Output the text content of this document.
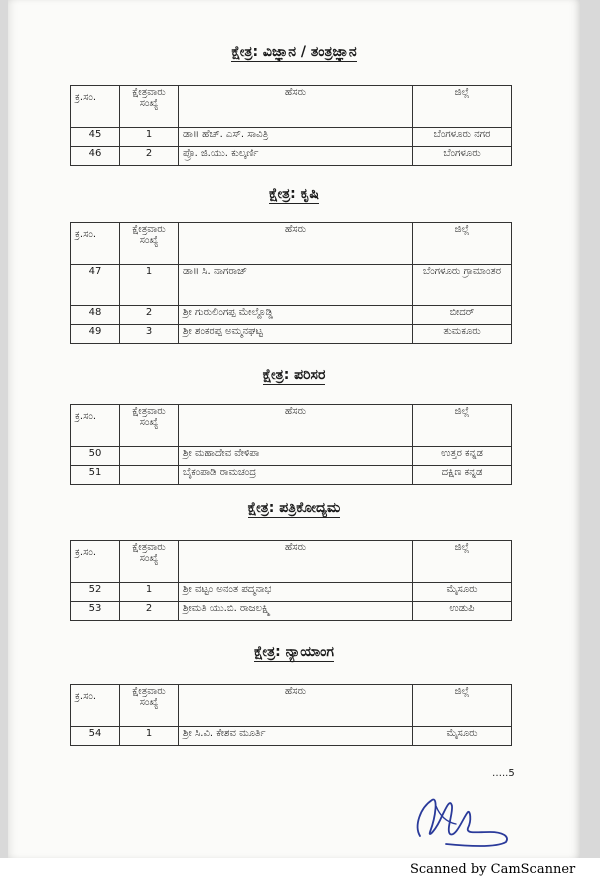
ಕ್ಷೇತ್ರ: ವಿಜ್ಞಾನ / ತಂತ್ರಜ್ಞಾನ
ಕ್ರ.ಸಂ.	ಕ್ಷೇತ್ರವಾರು ಸಂಖ್ಯೆ	ಹೆಸರು	ಜಿಲ್ಲೆ
45	1	ಡಾ॥ ಹೆಚ್. ಎಸ್. ಸಾವಿತ್ರಿ	ಬೆಂಗಳೂರು ನಗರ
46	2	ಪ್ರೊ. ಜಿ.ಯು. ಕುಲ್ಕರ್ಣಿ	ಬೆಂಗಳೂರು
ಕ್ಷೇತ್ರ: ಕೃಷಿ
ಕ್ರ.ಸಂ.	ಕ್ಷೇತ್ರವಾರು ಸಂಖ್ಯೆ	ಹೆಸರು	ಜಿಲ್ಲೆ
47	1	ಡಾ॥ ಸಿ. ನಾಗರಾಜ್	ಬೆಂಗಳೂರು ಗ್ರಾಮಾಂತರ
48	2	ಶ್ರೀ ಗುರುಲಿಂಗಪ್ಪ ಮೇಲ್ದೊಡ್ಡಿ	ಬೀದರ್
49	3	ಶ್ರೀ ಶಂಕರಪ್ಪ ಅಮ್ಮನಘಟ್ಟ	ತುಮಕೂರು
ಕ್ಷೇತ್ರ: ಪರಿಸರ
ಕ್ರ.ಸಂ.	ಕ್ಷೇತ್ರವಾರು ಸಂಖ್ಯೆ	ಹೆಸರು	ಜಿಲ್ಲೆ
50		ಶ್ರೀ ಮಹಾದೇವ ವೇಳಿಪಾ	ಉತ್ತರ ಕನ್ನಡ
51		ಬೈಕಂಪಾಡಿ ರಾಮಚಂದ್ರ	ದಕ್ಷಿಣ ಕನ್ನಡ
ಕ್ಷೇತ್ರ: ಪತ್ರಿಕೋದ್ಯಮ
ಕ್ರ.ಸಂ.	ಕ್ಷೇತ್ರವಾರು ಸಂಖ್ಯೆ	ಹೆಸರು	ಜಿಲ್ಲೆ
52	1	ಶ್ರೀ ವಟ್ಟಂ ಅನಂತ ಪದ್ಮನಾಭ	ಮೈಸೂರು
53	2	ಶ್ರೀಮತಿ ಯು.ಬಿ. ರಾಜಲಕ್ಷ್ಮಿ	ಉಡುಪಿ
ಕ್ಷೇತ್ರ: ನ್ಯಾಯಾಂಗ
ಕ್ರ.ಸಂ.	ಕ್ಷೇತ್ರವಾರು ಸಂಖ್ಯೆ	ಹೆಸರು	ಜಿಲ್ಲೆ
54	1	ಶ್ರೀ ಸಿ.ವಿ. ಕೇಶವ ಮೂರ್ತಿ	ಮೈಸೂರು
…..5
Scanned by CamScanner
